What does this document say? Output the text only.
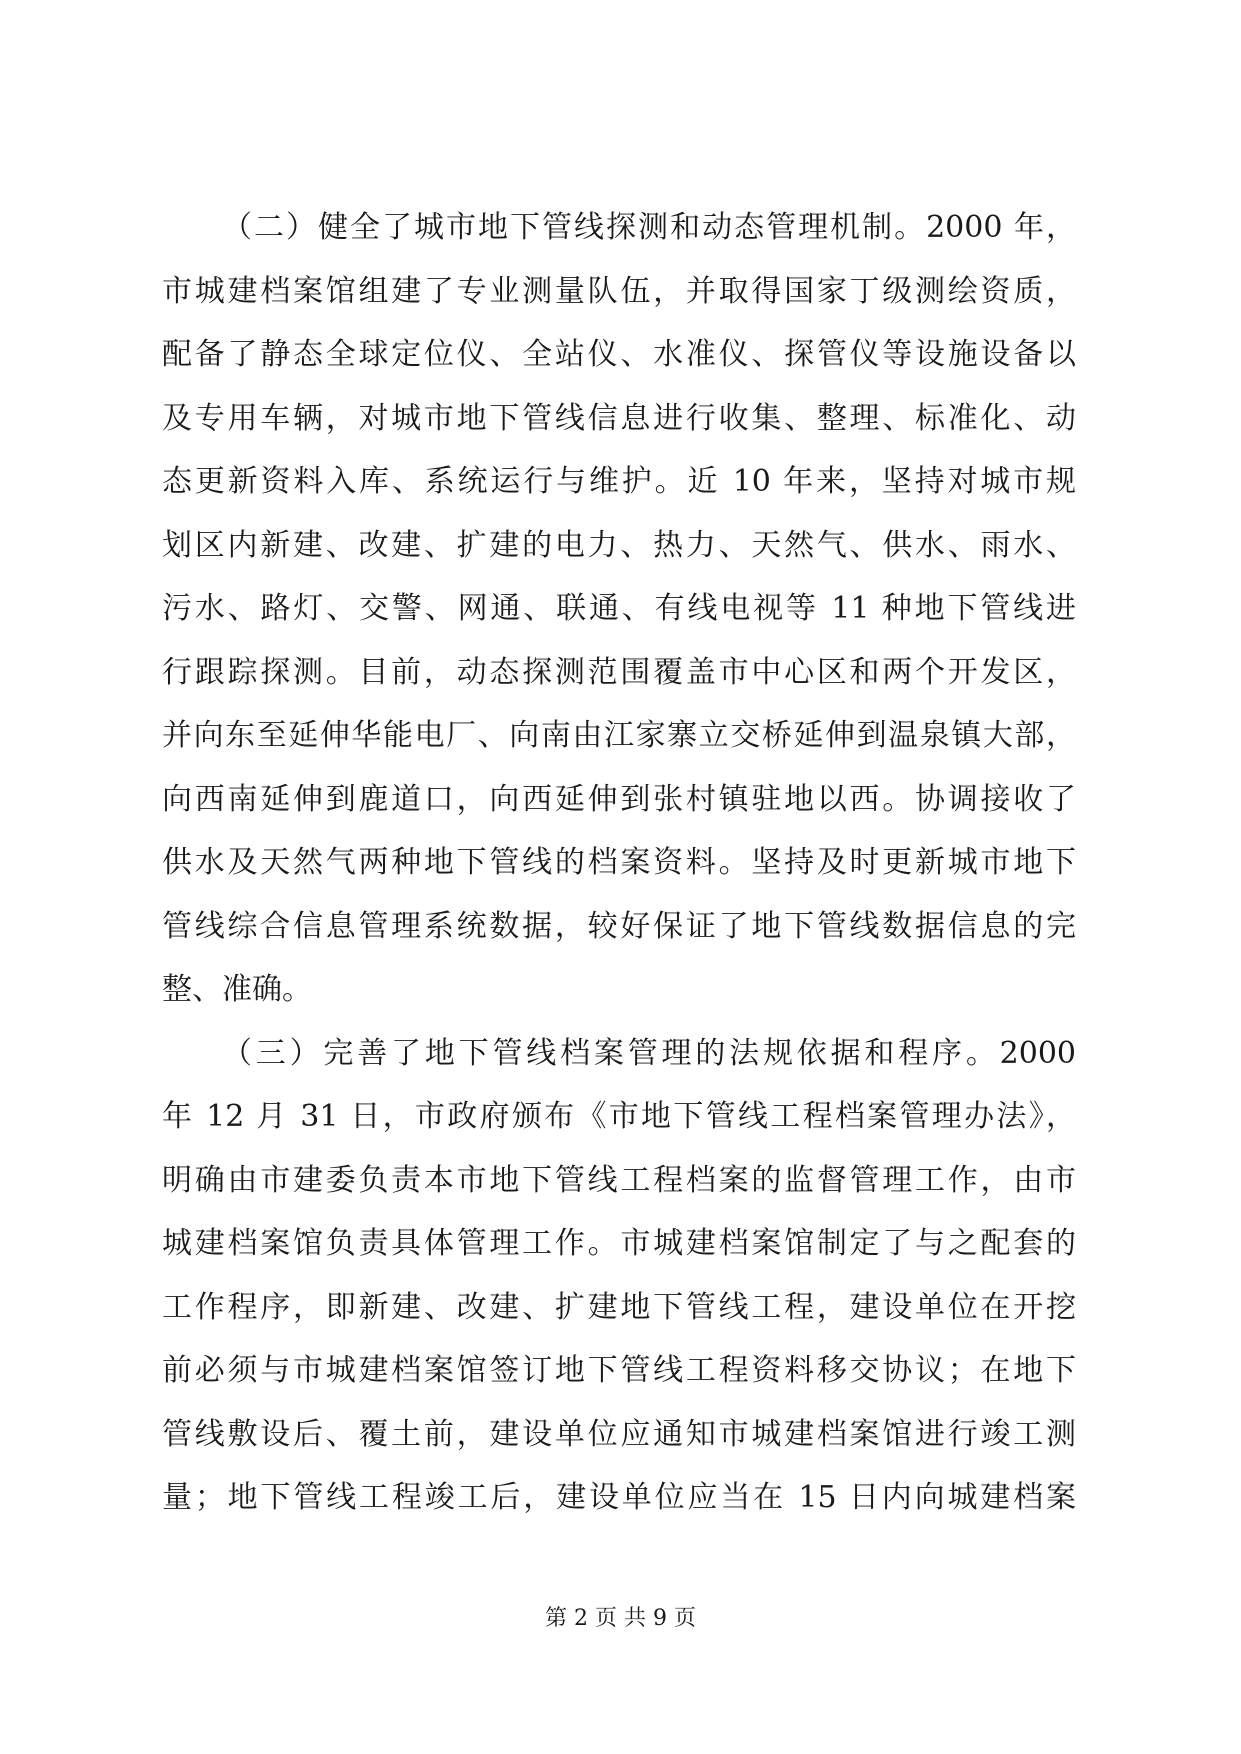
（二）健全了城市地下管线探测和动态管理机制。2000 年，
市城建档案馆组建了专业测量队伍，并取得国家丁级测绘资质，
配备了静态全球定位仪、全站仪、水准仪、探管仪等设施设备以
及专用车辆，对城市地下管线信息进行收集、整理、标准化、动
态更新资料入库、系统运行与维护。近 10 年来，坚持对城市规
划区内新建、改建、扩建的电力、热力、天然气、供水、雨水、
污水、路灯、交警、网通、联通、有线电视等 11 种地下管线进
行跟踪探测。目前，动态探测范围覆盖市中心区和两个开发区，
并向东至延伸华能电厂、向南由江家寨立交桥延伸到温泉镇大部，
向西南延伸到鹿道口，向西延伸到张村镇驻地以西。协调接收了
供水及天然气两种地下管线的档案资料。坚持及时更新城市地下
管线综合信息管理系统数据，较好保证了地下管线数据信息的完
整、准确。
（三）完善了地下管线档案管理的法规依据和程序。2000
年 12 月 31 日，市政府颁布《市地下管线工程档案管理办法》，
明确由市建委负责本市地下管线工程档案的监督管理工作，由市
城建档案馆负责具体管理工作。市城建档案馆制定了与之配套的
工作程序，即新建、改建、扩建地下管线工程，建设单位在开挖
前必须与市城建档案馆签订地下管线工程资料移交协议；在地下
管线敷设后、覆土前，建设单位应通知市城建档案馆进行竣工测
量；地下管线工程竣工后，建设单位应当在 15 日内向城建档案
第 2 页 共 9 页
